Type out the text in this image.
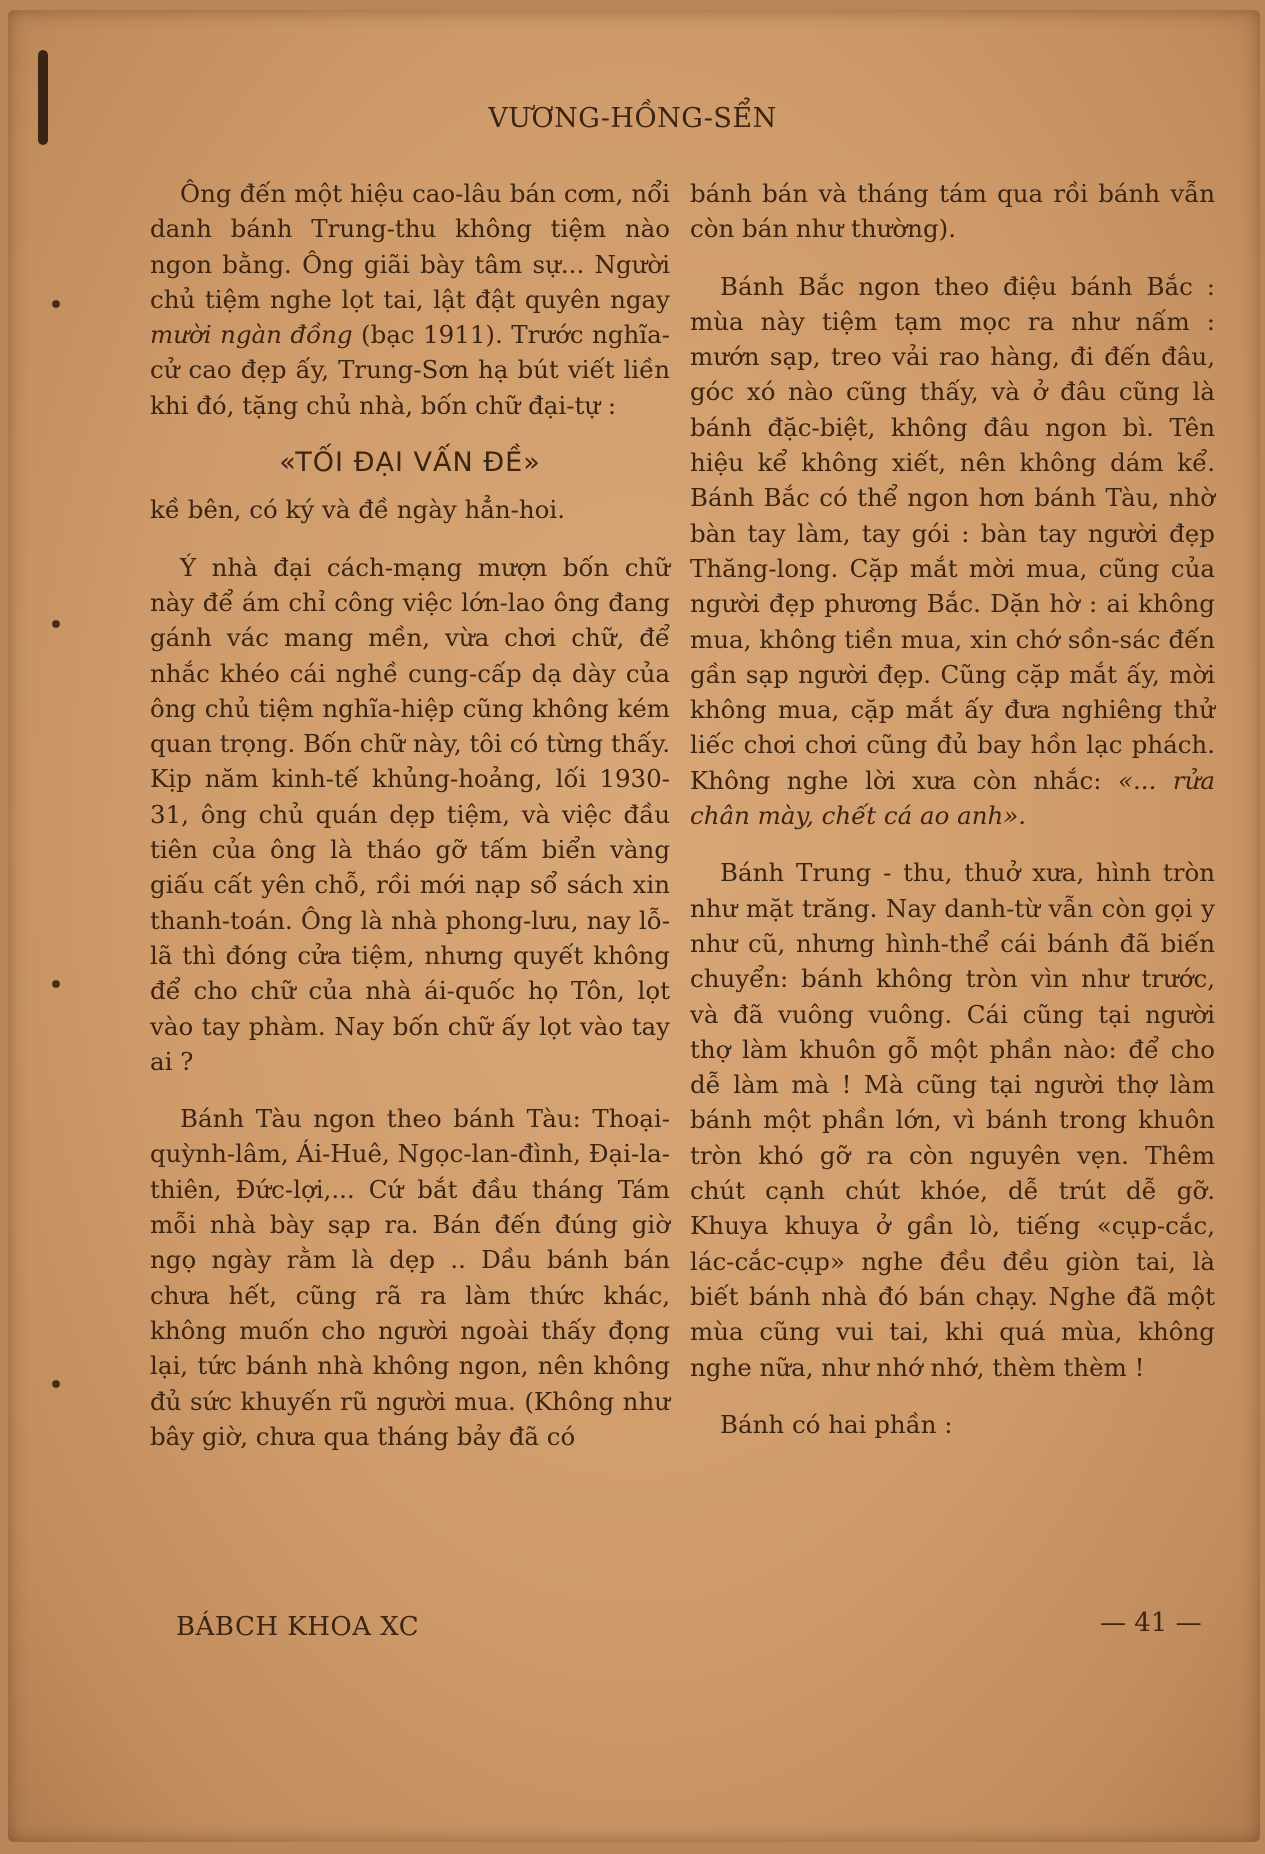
VƯƠNG-HỒNG-SỂN

Ông đến một hiệu cao-lâu bán cơm, nổi danh bánh Trung-thu không tiệm nào ngon bằng. Ông giãi bày tâm sự... Người chủ tiệm nghe lọt tai, lật đật quyên ngay mười ngàn đồng (bạc 1911). Trước nghĩa-cử cao đẹp ấy, Trung-Sơn hạ bút viết liền khi đó, tặng chủ nhà, bốn chữ đại-tự :

«TỐI ĐẠI VẤN ĐỀ»

kề bên, có ký và đề ngày hẳn-hoi.

Ý nhà đại cách-mạng mượn bốn chữ này để ám chỉ công việc lớn-lao ông đang gánh vác mang mền, vừa chơi chữ, để nhắc khéo cái nghề cung-cấp dạ dày của ông chủ tiệm nghĩa-hiệp cũng không kém quan trọng. Bốn chữ này, tôi có từng thấy. Kịp năm kinh-tế khủng-hoảng, lối 1930-31, ông chủ quán dẹp tiệm, và việc đầu tiên của ông là tháo gỡ tấm biển vàng giấu cất yên chỗ, rồi mới nạp sổ sách xin thanh-toán. Ông là nhà phong-lưu, nay lỗ-lã thì đóng cửa tiệm, nhưng quyết không để cho chữ của nhà ái-quốc họ Tôn, lọt vào tay phàm. Nay bốn chữ ấy lọt vào tay ai ?

Bánh Tàu ngon theo bánh Tàu: Thoại-quỳnh-lâm, Ái-Huê, Ngọc-lan-đình, Đại-la-thiên, Đức-lợi,... Cứ bắt đầu tháng Tám mỗi nhà bày sạp ra. Bán đến đúng giờ ngọ ngày rằm là dẹp .. Dầu bánh bán chưa hết, cũng rã ra làm thức khác, không muốn cho người ngoài thấy đọng lại, tức bánh nhà không ngon, nên không đủ sức khuyến rũ người mua. (Không như bây giờ, chưa qua tháng bảy đã có

bánh bán và tháng tám qua rồi bánh vẫn còn bán như thường).

Bánh Bắc ngon theo điệu bánh Bắc : mùa này tiệm tạm mọc ra như nấm : mướn sạp, treo vải rao hàng, đi đến đâu, góc xó nào cũng thấy, và ở đâu cũng là bánh đặc-biệt, không đâu ngon bì. Tên hiệu kể không xiết, nên không dám kể. Bánh Bắc có thể ngon hơn bánh Tàu, nhờ bàn tay làm, tay gói : bàn tay người đẹp Thăng-long. Cặp mắt mời mua, cũng của người đẹp phương Bắc. Dặn hờ : ai không mua, không tiền mua, xin chớ sồn-sác đến gần sạp người đẹp. Cũng cặp mắt ấy, mời không mua, cặp mắt ấy đưa nghiêng thử liếc chơi chơi cũng đủ bay hồn lạc phách. Không nghe lời xưa còn nhắc: «... rửa chân mày, chết cá ao anh».

Bánh Trung - thu, thuở xưa, hình tròn như mặt trăng. Nay danh-từ vẫn còn gọi y như cũ, nhưng hình-thể cái bánh đã biến chuyển: bánh không tròn vìn như trước, và đã vuông vuông. Cái cũng tại người thợ làm khuôn gỗ một phần nào: để cho dễ làm mà ! Mà cũng tại người thợ làm bánh một phần lớn, vì bánh trong khuôn tròn khó gỡ ra còn nguyên vẹn. Thêm chút cạnh chút khóe, dễ trút dễ gỡ. Khuya khuya ở gần lò, tiếng «cụp-cắc, lác-cắc-cụp» nghe đều đều giòn tai, là biết bánh nhà đó bán chạy. Nghe đã một mùa cũng vui tai, khi quá mùa, không nghe nữa, như nhớ nhớ, thèm thèm !

Bánh có hai phần :

BÁBCH KHOA XC	— 41 —
